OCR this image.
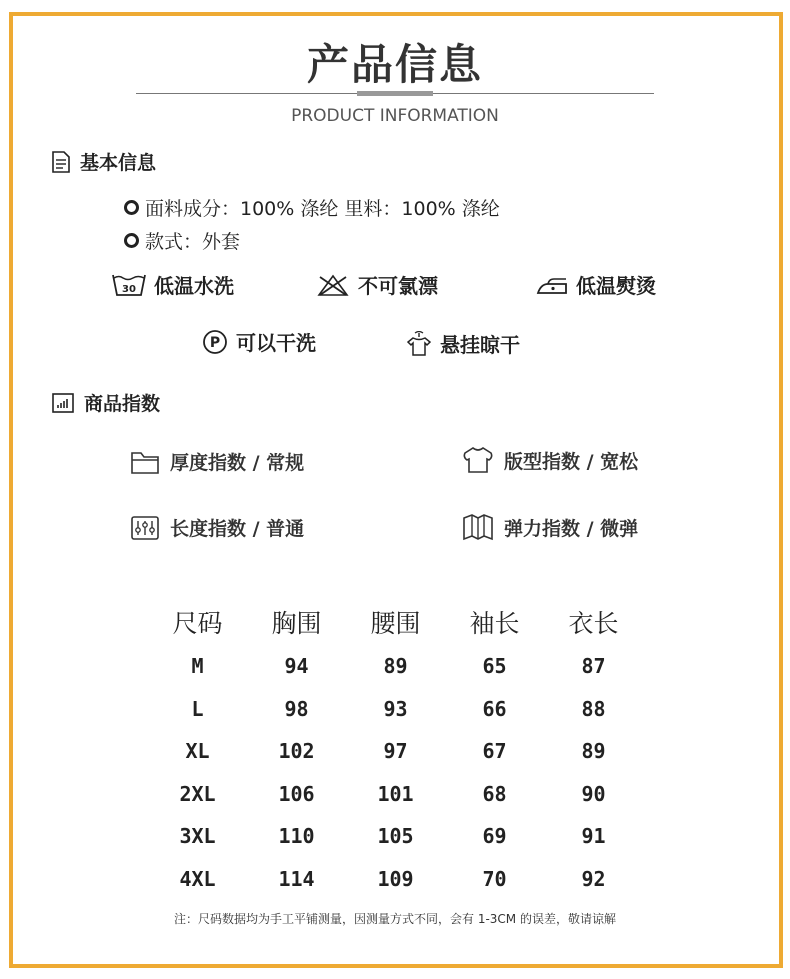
产品信息
PRODUCT INFORMATION
基本信息
面料成分：100% 涤纶 里料：100% 涤纶
款式：外套
30 低温水洗	不可氯漂	低温熨烫
P 可以干洗	悬挂晾干
商品指数
厚度指数 / 常规	版型指数 / 宽松
长度指数 / 普通	弹力指数 / 微弹
尺码	胸围	腰围	袖长	衣长
M	94	89	65	87
L	98	93	66	88
XL	102	97	67	89
2XL	106	101	68	90
3XL	110	105	69	91
4XL	114	109	70	92
注：尺码数据均为手工平铺测量，因测量方式不同，会有 1-3CM 的误差，敬请谅解
